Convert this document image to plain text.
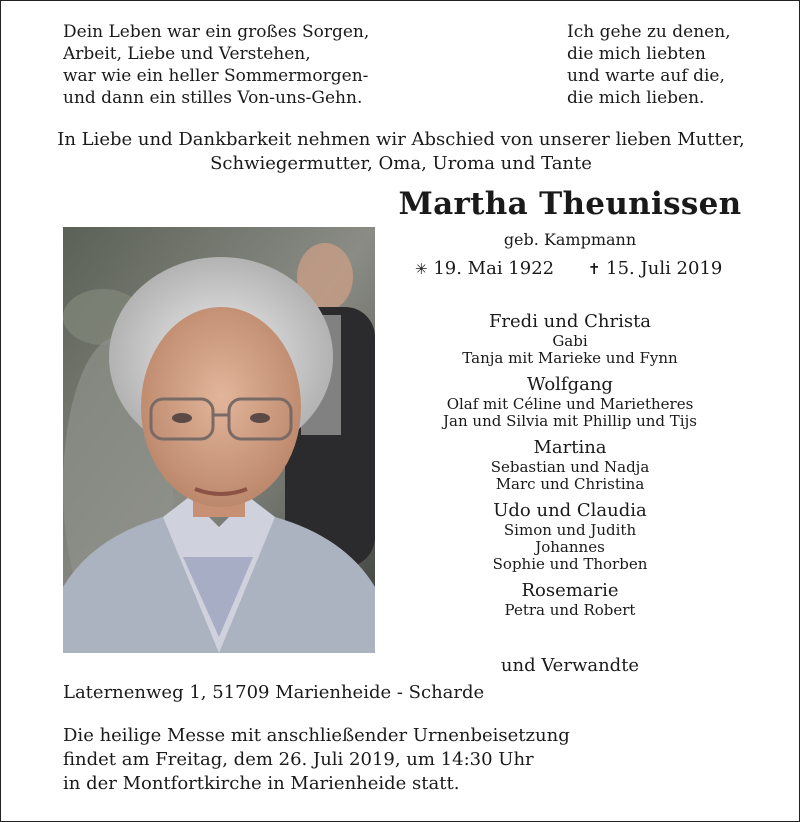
Dein Leben war ein großes Sorgen,
Arbeit, Liebe und Verstehen,
war wie ein heller Sommermorgen-
und dann ein stilles Von-uns-Gehn.
Ich gehe zu denen,
die mich liebten
und warte auf die,
die mich lieben.
In Liebe und Dankbarkeit nehmen wir Abschied von unserer lieben Mutter,
Schwiegermutter, Oma, Uroma und Tante
Martha Theunissen
geb. Kampmann
✳ 19. Mai 1922 ✝ 15. Juli 2019
Fredi und Christa
Gabi
Tanja mit Marieke und Fynn
Wolfgang
Olaf mit Céline und Marietheres
Jan und Silvia mit Phillip und Tijs
Martina
Sebastian und Nadja
Marc und Christina
Udo und Claudia
Simon und Judith
Johannes
Sophie und Thorben
Rosemarie
Petra und Robert
und Verwandte
Laternenweg 1, 51709 Marienheide - Scharde
Die heilige Messe mit anschließender Urnenbeisetzung
findet am Freitag, dem 26. Juli 2019, um 14:30 Uhr
in der Montfortkirche in Marienheide statt.
